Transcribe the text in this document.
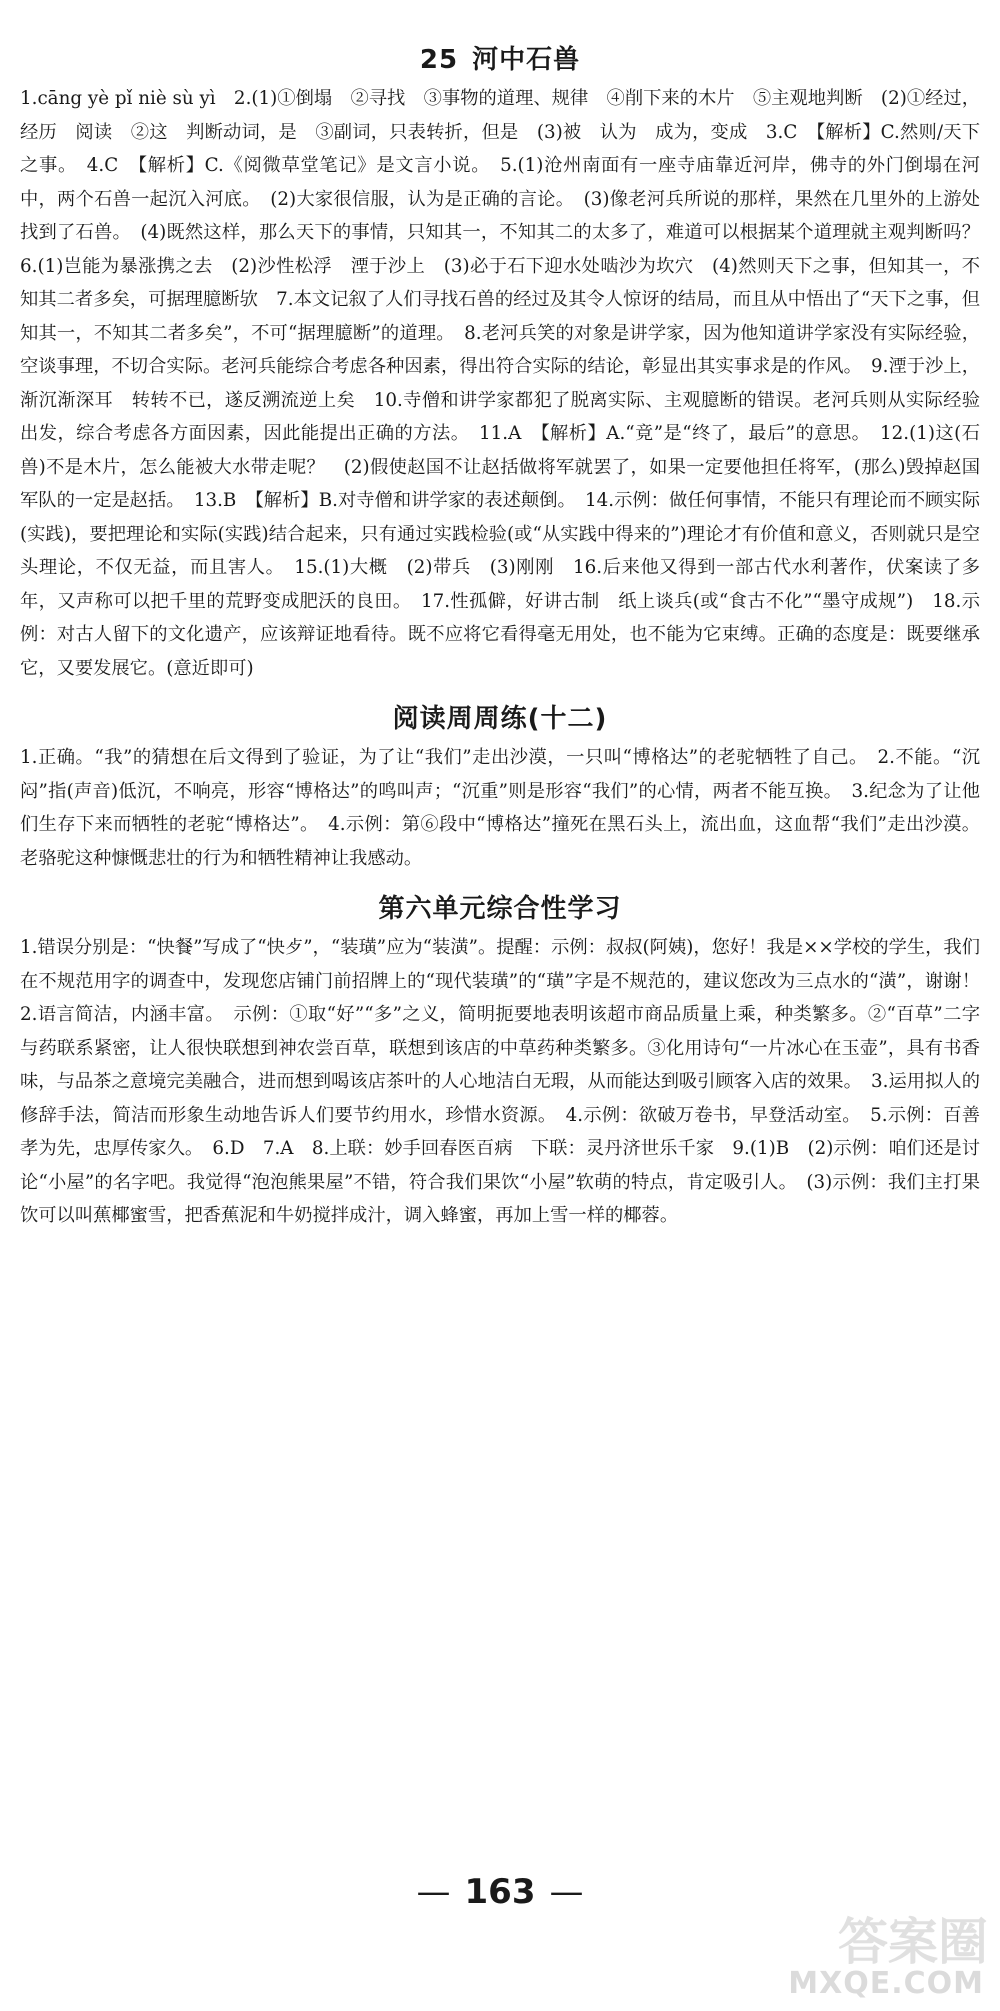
25 河中石兽

1.cāng yè pǐ niè sù yì　2.(1)①倒塌　②寻找　③事物的道理、规律　④削下来的木片　⑤主观地判断　(2)①经过，经历　阅读　②这　判断动词，是　③副词，只表转折，但是　(3)被　认为　成为，变成　3.C　【解析】C.然则/天下之事。　4.C　【解析】C.《阅微草堂笔记》是文言小说。　5.(1)沧州南面有一座寺庙靠近河岸，佛寺的外门倒塌在河中，两个石兽一起沉入河底。　(2)大家很信服，认为是正确的言论。　(3)像老河兵所说的那样，果然在几里外的上游处找到了石兽。　(4)既然这样，那么天下的事情，只知其一，不知其二的太多了，难道可以根据某个道理就主观判断吗？　6.(1)岂能为暴涨携之去　(2)沙性松浮　湮于沙上　(3)必于石下迎水处啮沙为坎穴　(4)然则天下之事，但知其一，不知其二者多矣，可据理臆断欤　7.本文记叙了人们寻找石兽的经过及其令人惊讶的结局，而且从中悟出了“天下之事，但知其一，不知其二者多矣”，不可“据理臆断”的道理。　8.老河兵笑的对象是讲学家，因为他知道讲学家没有实际经验，空谈事理，不切合实际。老河兵能综合考虑各种因素，得出符合实际的结论，彰显出其实事求是的作风。　9.湮于沙上，渐沉渐深耳　转转不已，遂反溯流逆上矣　10.寺僧和讲学家都犯了脱离实际、主观臆断的错误。老河兵则从实际经验出发，综合考虑各方面因素，因此能提出正确的方法。　11.A　【解析】A.“竟”是“终了，最后”的意思。　12.(1)这(石兽)不是木片，怎么能被大水带走呢？　(2)假使赵国不让赵括做将军就罢了，如果一定要他担任将军，(那么)毁掉赵国军队的一定是赵括。　13.B　【解析】B.对寺僧和讲学家的表述颠倒。　14.示例：做任何事情，不能只有理论而不顾实际(实践)，要把理论和实际(实践)结合起来，只有通过实践检验(或“从实践中得来的”)理论才有价值和意义，否则就只是空头理论，不仅无益，而且害人。　15.(1)大概　(2)带兵　(3)刚刚　16.后来他又得到一部古代水利著作，伏案读了多年，又声称可以把千里的荒野变成肥沃的良田。　17.性孤僻，好讲古制　纸上谈兵(或“食古不化”“墨守成规”)　18.示例：对古人留下的文化遗产，应该辩证地看待。既不应将它看得毫无用处，也不能为它束缚。正确的态度是：既要继承它，又要发展它。(意近即可)

阅读周周练(十二)

1.正确。“我”的猜想在后文得到了验证，为了让“我们”走出沙漠，一只叫“博格达”的老驼牺牲了自己。　2.不能。“沉闷”指(声音)低沉，不响亮，形容“博格达”的鸣叫声；“沉重”则是形容“我们”的心情，两者不能互换。　3.纪念为了让他们生存下来而牺牲的老驼“博格达”。　4.示例：第⑥段中“博格达”撞死在黑石头上，流出血，这血帮“我们”走出沙漠。老骆驼这种慷慨悲壮的行为和牺牲精神让我感动。

第六单元综合性学习

1.错误分别是：“快餐”写成了“快歺”，“装璜”应为“装潢”。提醒：示例：叔叔(阿姨)，您好！我是××学校的学生，我们在不规范用字的调查中，发现您店铺门前招牌上的“现代装璜”的“璜”字是不规范的，建议您改为三点水的“潢”，谢谢！　2.语言简洁，内涵丰富。　示例：①取“好”“多”之义，简明扼要地表明该超市商品质量上乘，种类繁多。②“百草”二字与药联系紧密，让人很快联想到神农尝百草，联想到该店的中草药种类繁多。③化用诗句“一片冰心在玉壶”，具有书香味，与品茶之意境完美融合，进而想到喝该店茶叶的人心地洁白无瑕，从而能达到吸引顾客入店的效果。　3.运用拟人的修辞手法，简洁而形象生动地告诉人们要节约用水，珍惜水资源。　4.示例：欲破万卷书，早登活动室。　5.示例：百善孝为先，忠厚传家久。　6.D　7.A　8.上联：妙手回春医百病　下联：灵丹济世乐千家　9.(1)B　(2)示例：咱们还是讨论“小屋”的名字吧。我觉得“泡泡熊果屋”不错，符合我们果饮“小屋”软萌的特点，肯定吸引人。　(3)示例：我们主打果饮可以叫蕉椰蜜雪，把香蕉泥和牛奶搅拌成汁，调入蜂蜜，再加上雪一样的椰蓉。

— 163 —
答案圈
MXQE.COM
